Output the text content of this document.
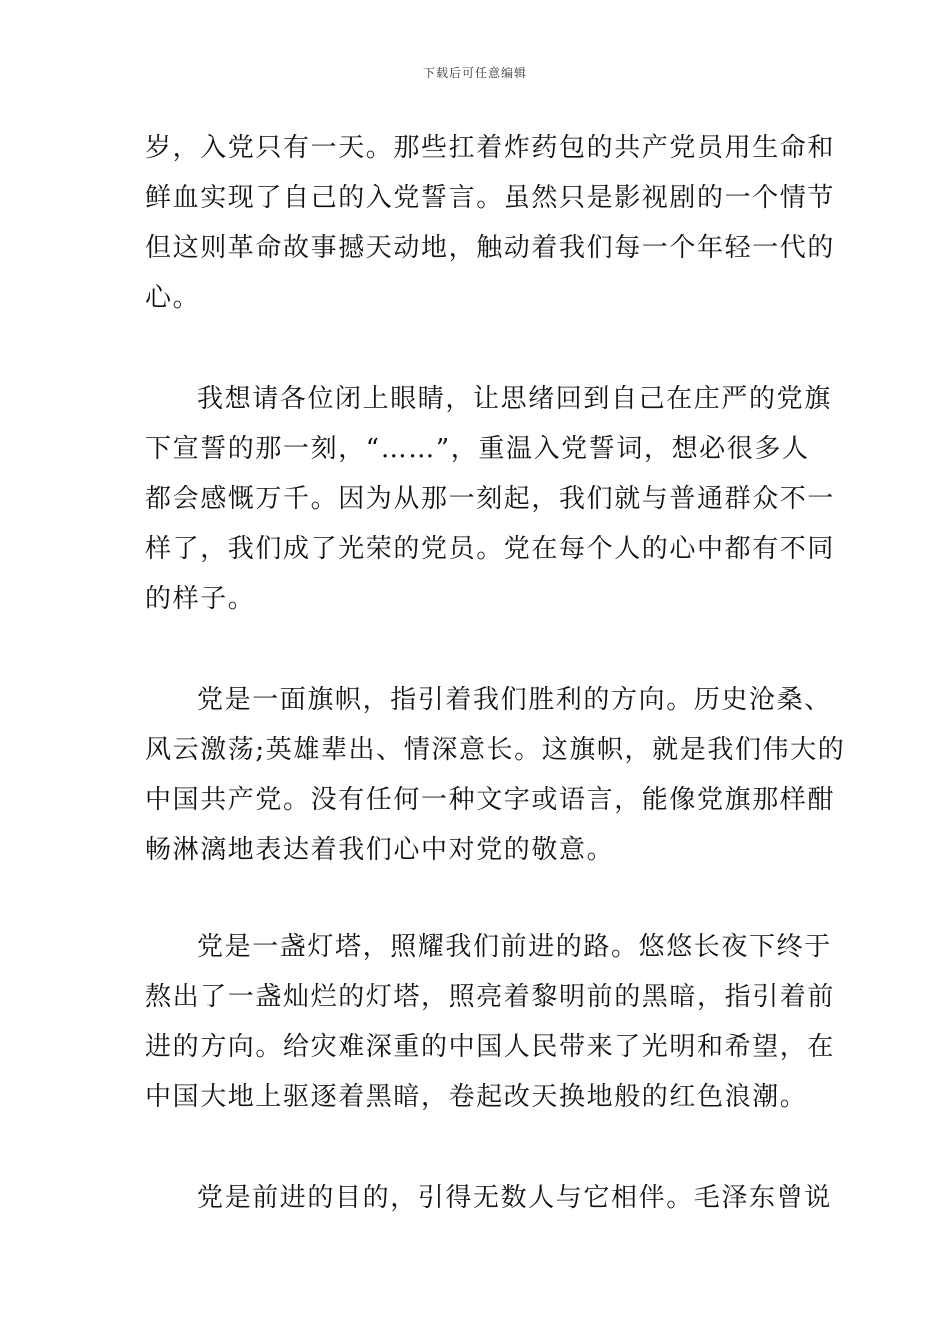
下载后可任意编辑
岁，入党只有一天。那些扛着炸药包的共产党员用生命和
鲜血实现了自己的入党誓言。虽然只是影视剧的一个情节
但这则革命故事撼天动地，触动着我们每一个年轻一代的
心。
我想请各位闭上眼睛，让思绪回到自己在庄严的党旗
下宣誓的那一刻，“……”，重温入党誓词，想必很多人
都会感慨万千。因为从那一刻起，我们就与普通群众不一
样了，我们成了光荣的党员。党在每个人的心中都有不同
的样子。
党是一面旗帜，指引着我们胜利的方向。历史沧桑、
风云激荡;英雄辈出、情深意长。这旗帜，就是我们伟大的
中国共产党。没有任何一种文字或语言，能像党旗那样酣
畅淋漓地表达着我们心中对党的敬意。
党是一盏灯塔，照耀我们前进的路。悠悠长夜下终于
熬出了一盏灿烂的灯塔，照亮着黎明前的黑暗，指引着前
进的方向。给灾难深重的中国人民带来了光明和希望，在
中国大地上驱逐着黑暗，卷起改天换地般的红色浪潮。
党是前进的目的，引得无数人与它相伴。毛泽东曾说
